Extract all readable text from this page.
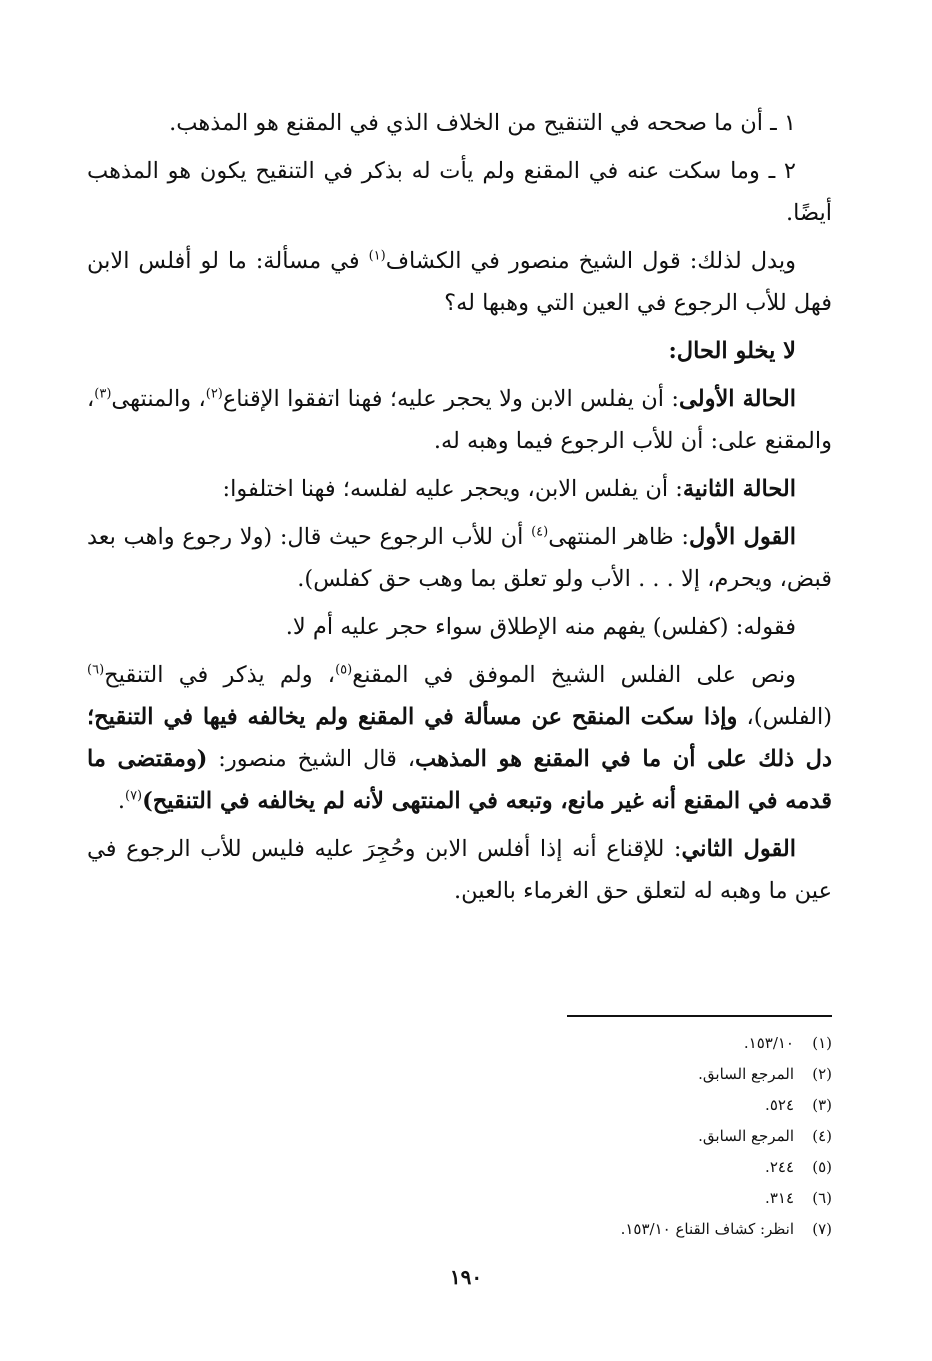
١ ـ أن ما صححه في التنقيح من الخلاف الذي في المقنع هو المذهب.

٢ ـ وما سكت عنه في المقنع ولم يأت له بذكر في التنقيح يكون هو المذهب أيضًا.

ويدل لذلك: قول الشيخ منصور في الكشاف$^{(١)}$ في مسألة: ما لو أفلس الابن فهل للأب الرجوع في العين التي وهبها له؟

لا يخلو الحال:

الحالة الأولى: أن يفلس الابن ولا يحجر عليه؛ فهنا اتفقوا الإقناع$^{(٢)}$، والمنتهى$^{(٣)}$، والمقنع على: أن للأب الرجوع فيما وهبه له.

الحالة الثانية: أن يفلس الابن، ويحجر عليه لفلسه؛ فهنا اختلفوا:

القول الأول: ظاهر المنتهى$^{(٤)}$ أن للأب الرجوع حيث قال: (ولا رجوع واهب بعد قبض، ويحرم، إلا . . . الأب ولو تعلق بما وهب حق كفلس).

فقوله: (كفلس) يفهم منه الإطلاق سواء حجر عليه أم لا.

ونص على الفلس الشيخ الموفق في المقنع$^{(٥)}$، ولم يذكر في التنقيح$^{(٦)}$ (الفلس)، وإذا سكت المنقح عن مسألة في المقنع ولم يخالفه فيها في التنقيح؛ دل ذلك على أن ما في المقنع هو المذهب، قال الشيخ منصور: (ومقتضى ما قدمه في المقنع أنه غير مانع، وتبعه في المنتهى لأنه لم يخالفه في التنقيح)$^{(٧)}$.

القول الثاني: للإقناع أنه إذا أفلس الابن وحُجِرَ عليه فليس للأب الرجوع في عين ما وهبه له لتعلق حق الغرماء بالعين.

(١)١٥٣/١٠.
(٢)المرجع السابق.
(٣)٥٢٤.
(٤)المرجع السابق.
(٥)٢٤٤.
(٦)٣١٤.
(٧)انظر: كشاف القناع ١٥٣/١٠.
١٩٠
